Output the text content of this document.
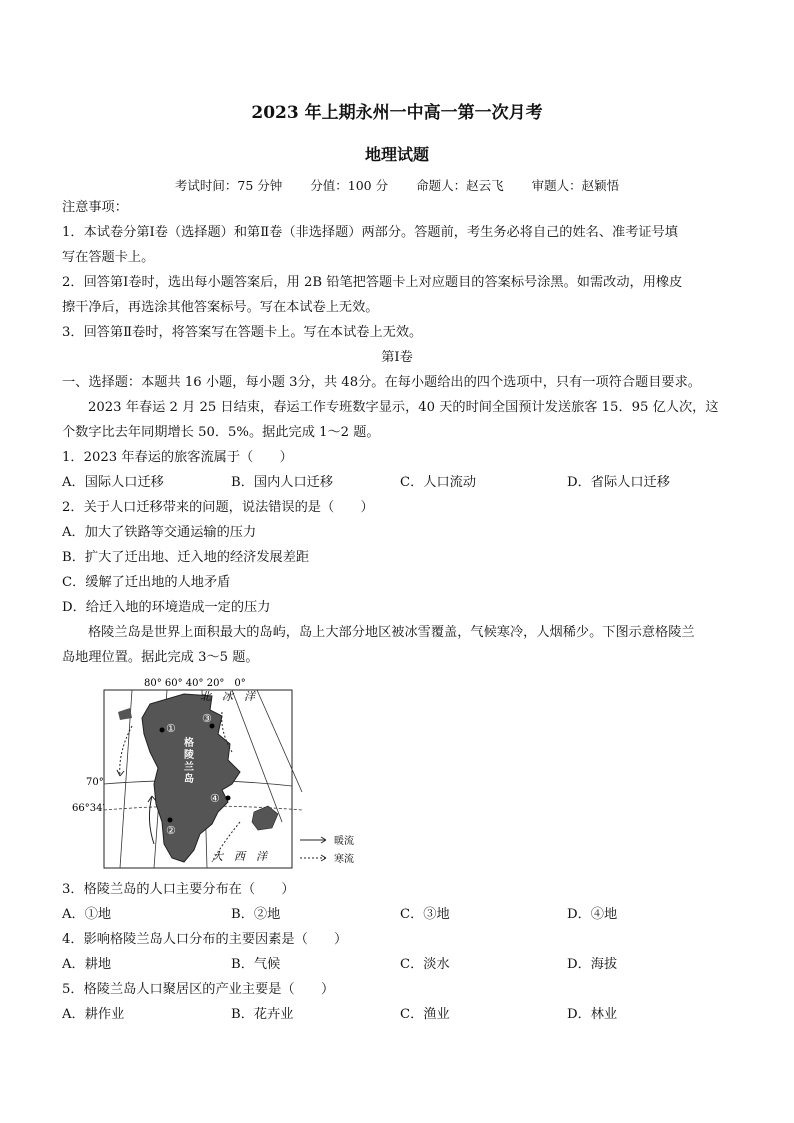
2023 年上期永州一中高一第一次月考
地理试题
考试时间：75 分钟 分值：100 分 命题人：赵云飞 审题人：赵颖悟
注意事项：
1．本试卷分第Ⅰ卷（选择题）和第Ⅱ卷（非选择题）两部分。答题前，考生务必将自己的姓名、准考证号填
写在答题卡上。
2．回答第Ⅰ卷时，选出每小题答案后，用 2B 铅笔把答题卡上对应题目的答案标号涂黑。如需改动，用橡皮
擦干净后，再选涂其他答案标号。写在本试卷上无效。
3．回答第Ⅱ卷时，将答案写在答题卡上。写在本试卷上无效。
第Ⅰ卷
一、选择题：本题共 16 小题，每小题 3分，共 48分。在每小题给出的四个选项中，只有一项符合题目要求。
2023 年春运 2 月 25 日结束，春运工作专班数字显示，40 天的时间全国预计发送旅客 15．95 亿人次，这
个数字比去年同期增长 50．5%。据此完成 1～2 题。
1．2023 年春运的旅客流属于（　　）
A．国际人口迁移	B．国内人口迁移	C．人口流动	D．省际人口迁移
2．关于人口迁移带来的问题，说法错误的是（　　）
A．加大了铁路等交通运输的压力
B．扩大了迁出地、迁入地的经济发展差距
C．缓解了迁出地的人地矛盾
D．给迁入地的环境造成一定的压力
格陵兰岛是世界上面积最大的岛屿，岛上大部分地区被冰雪覆盖，气候寒冷，人烟稀少。下图示意格陵兰
岛地理位置。据此完成 3～5 题。
80° 60° 40° 20°　0°
70°
66°34′
格
陵
兰
岛
①
③
②
④
北　冰　洋
大　西　洋
暖流
寒流
3．格陵兰岛的人口主要分布在（　　）
A．①地	B．②地	C．③地	D．④地
4．影响格陵兰岛人口分布的主要因素是（　　）
A．耕地	B．气候	C．淡水	D．海拔
5．格陵兰岛人口聚居区的产业主要是（　　）
A．耕作业	B．花卉业	C．渔业	D．林业
